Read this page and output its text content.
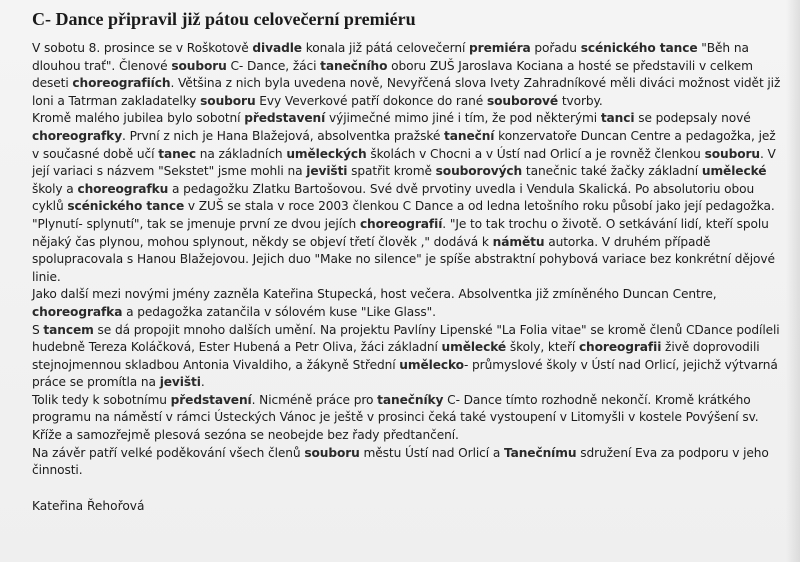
C- Dance připravil již pátou celovečerní premiéru

V sobotu 8. prosince se v Roškotově divadle konala již pátá celovečerní premiéra pořadu scénického tance "Běh na dlouhou trať". Členové souboru C- Dance, žáci tanečního oboru ZUŠ Jaroslava Kociana a hosté se představili v celkem deseti choreografiích. Většina z nich byla uvedena nově, Nevyřčená slova Ivety Zahradníkové měli diváci možnost vidět již loni a Tatrman zakladatelky souboru Evy Veverkové patří dokonce do rané souborové tvorby.

Kromě malého jubilea bylo sobotní představení výjimečné mimo jiné i tím, že pod některými tanci se podepsaly nové choreografky. První z nich je Hana Blažejová, absolventka pražské taneční konzervatoře Duncan Centre a pedagožka, jež v současné době učí tanec na základních uměleckých školách v Chocni a v Ústí nad Orlicí a je rovněž členkou souboru. V její variaci s názvem "Sekstet" jsme mohli na jevišti spatřit kromě souborových tanečnic také žačky základní umělecké školy a choreografku a pedagožku Zlatku Bartošovou. Své dvě prvotiny uvedla i Vendula Skalická. Po absolutoriu obou cyklů scénického tance v ZUŠ se stala v roce 2003 členkou C Dance a od ledna letošního roku působí jako její pedagožka. "Plynutí- splynutí", tak se jmenuje první ze dvou jejích choreografií. "Je to tak trochu o životě. O setkávání lidí, kteří spolu nějaký čas plynou, mohou splynout, někdy se objeví třetí člověk ," dodává k námětu autorka. V druhém případě spolupracovala s Hanou Blažejovou. Jejich duo "Make no silence" je spíše abstraktní pohybová variace bez konkrétní dějové linie.

Jako další mezi novými jmény zazněla Kateřina Stupecká, host večera. Absolventka již zmíněného Duncan Centre, choreografka a pedagožka zatančila v sólovém kuse "Like Glass".

S tancem se dá propojit mnoho dalších umění. Na projektu Pavlíny Lipenské "La Folia vitae" se kromě členů CDance podíleli hudebně Tereza Koláčková, Ester Hubená a Petr Oliva, žáci základní umělecké školy, kteří choreografii živě doprovodili stejnojmennou skladbou Antonia Vivaldiho, a žákyně Střední umělecko- průmyslové školy v Ústí nad Orlicí, jejichž výtvarná práce se promítla na jevišti.

Tolik tedy k sobotnímu představení. Nicméně práce pro tanečníky C- Dance tímto rozhodně nekončí. Kromě krátkého programu na náměstí v rámci Ústeckých Vánoc je ještě v prosinci čeká také vystoupení v Litomyšli v kostele Povýšení sv. Kříže a samozřejmě plesová sezóna se neobejde bez řady předtančení.

Na závěr patří velké poděkování všech členů souboru městu Ústí nad Orlicí a Tanečnímu sdružení Eva za podporu v jeho činnosti.

Kateřina Řehořová
